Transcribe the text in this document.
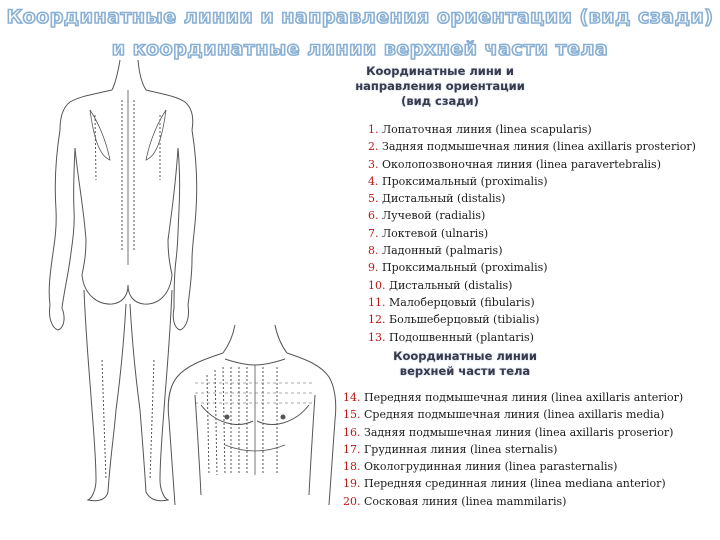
Координатные линии и направления ориентации (вид сзади)
и координатные линии верхней части тела
Координатные лини и
направления ориентации
(вид сзади)
1. Лопаточная линия (linea scapularis)
2. Задняя подмышечная линия (linea axillaris prosterior)
3. Околопозвоночная линия (linea paravertebralis)
4. Проксимальный (proximalis)
5. Дистальный (distalis)
6. Лучевой (radialis)
7. Локтевой (ulnaris)
8. Ладонный (palmaris)
9. Проксимальный (proximalis)
10. Дистальный (distalis)
11. Малоберцовый (fibularis)
12. Большеберцовый (tibialis)
13. Подошвенный (plantaris)
Координатные линии
верхней части тела
14. Передняя подмышечная линия (linea axillaris anterior)
15. Средняя подмышечная линия (linea axillaris media)
16. Задняя подмышечная линия (linea axillaris proserior)
17. Грудинная линия (linea sternalis)
18. Окологрудинная линия (linea parasternalis)
19. Передняя срединная линия (linea mediana anterior)
20. Сосковая линия (linea mammilaris)
